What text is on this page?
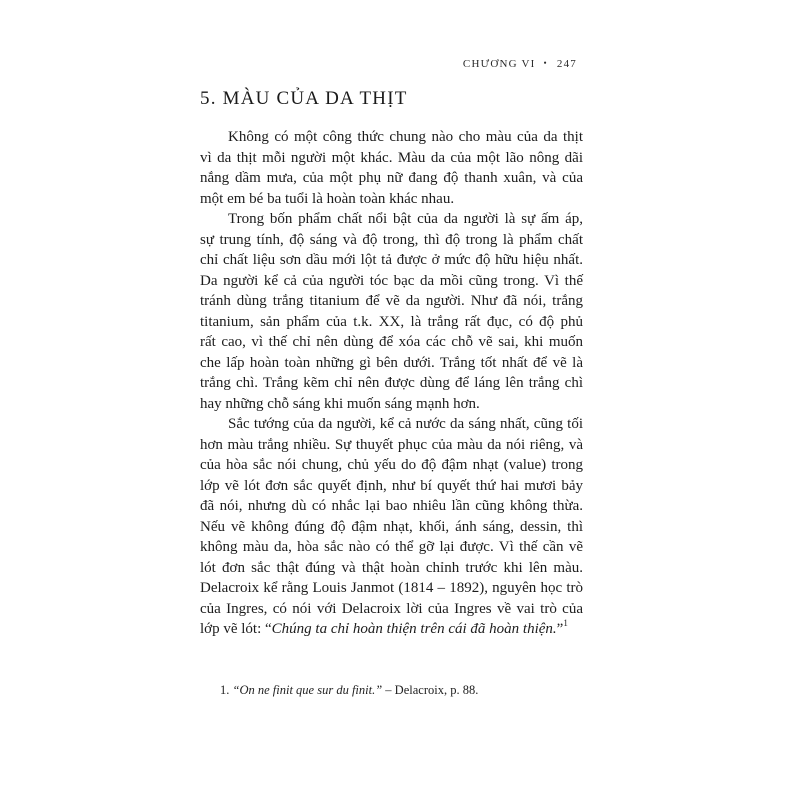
CHƯƠNG VI • 247
5. MÀU CỦA DA THỊT
Không có một công thức chung nào cho màu của da thịt
vì da thịt mỗi người một khác. Màu da của một lão nông dãi
nắng dầm mưa, của một phụ nữ đang độ thanh xuân, và của
một em bé ba tuổi là hoàn toàn khác nhau.
Trong bốn phẩm chất nổi bật của da người là sự ấm áp,
sự trung tính, độ sáng và độ trong, thì độ trong là phẩm chất
chỉ chất liệu sơn dầu mới lột tả được ở mức độ hữu hiệu nhất.
Da người kể cả của người tóc bạc da mồi cũng trong. Vì thế
tránh dùng trắng titanium để vẽ da người. Như đã nói, trắng
titanium, sản phẩm của t.k. XX, là trắng rất đục, có độ phủ
rất cao, vì thế chỉ nên dùng để xóa các chỗ vẽ sai, khi muốn
che lấp hoàn toàn những gì bên dưới. Trắng tốt nhất để vẽ là
trắng chì. Trắng kẽm chỉ nên được dùng để láng lên trắng chì
hay những chỗ sáng khi muốn sáng mạnh hơn.
Sắc tướng của da người, kể cả nước da sáng nhất, cũng tối
hơn màu trắng nhiều. Sự thuyết phục của màu da nói riêng, và
của hòa sắc nói chung, chủ yếu do độ đậm nhạt (value) trong
lớp vẽ lót đơn sắc quyết định, như bí quyết thứ hai mươi bảy
đã nói, nhưng dù có nhắc lại bao nhiêu lần cũng không thừa.
Nếu vẽ không đúng độ đậm nhạt, khối, ánh sáng, dessin, thì
không màu da, hòa sắc nào có thể gỡ lại được. Vì thế cần vẽ
lót đơn sắc thật đúng và thật hoàn chỉnh trước khi lên màu.
Delacroix kể rằng Louis Janmot (1814 – 1892), nguyên học trò
của Ingres, có nói với Delacroix lời của Ingres về vai trò của
lớp vẽ lót: “Chúng ta chỉ hoàn thiện trên cái đã hoàn thiện.”$^1$
1. “On ne finit que sur du finit.” – Delacroix, p. 88.
